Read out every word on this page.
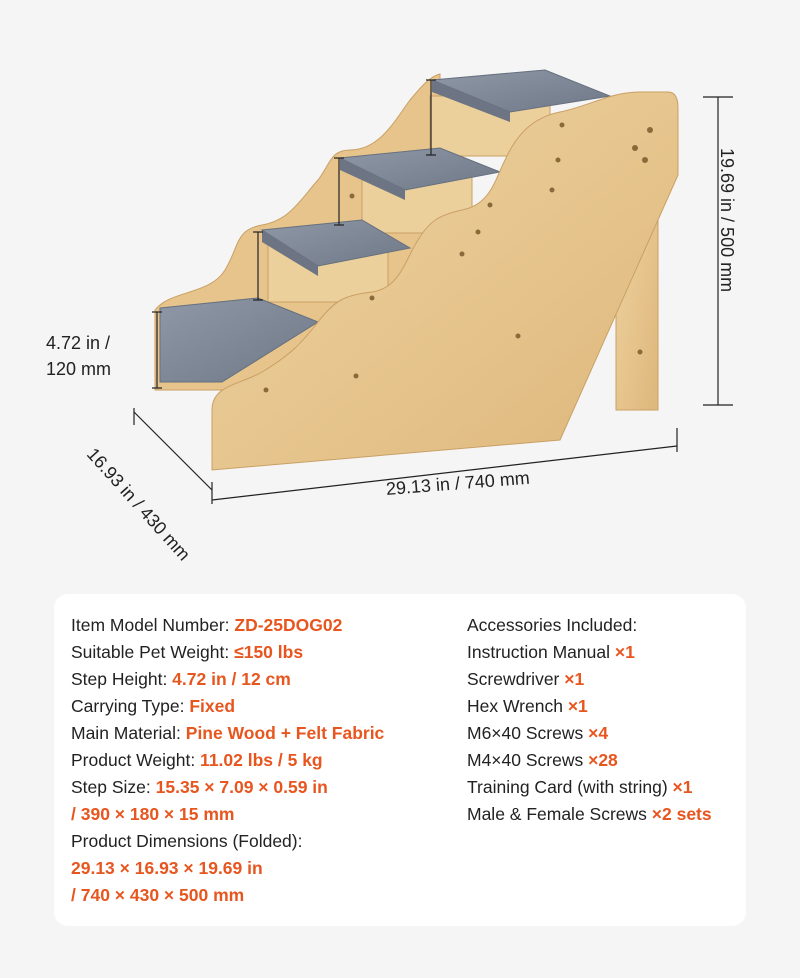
4.72 in /
120 mm
29.13 in / 740 mm
19.69 in / 500 mm
16.93 in / 430 mm
Item Model Number: ZD-25DOG02
Suitable Pet Weight: ≤150 lbs
Step Height: 4.72 in / 12 cm
Carrying Type: Fixed
Main Material: Pine Wood + Felt Fabric
Product Weight: 11.02 lbs / 5 kg
Step Size: 15.35 × 7.09 × 0.59 in
/ 390 × 180 × 15 mm
Product Dimensions (Folded):
29.13 × 16.93 × 19.69 in
/ 740 × 430 × 500 mm
Accessories Included:
Instruction Manual ×1
Screwdriver ×1
Hex Wrench ×1
M6×40 Screws ×4
M4×40 Screws ×28
Training Card (with string) ×1
Male & Female Screws ×2 sets
